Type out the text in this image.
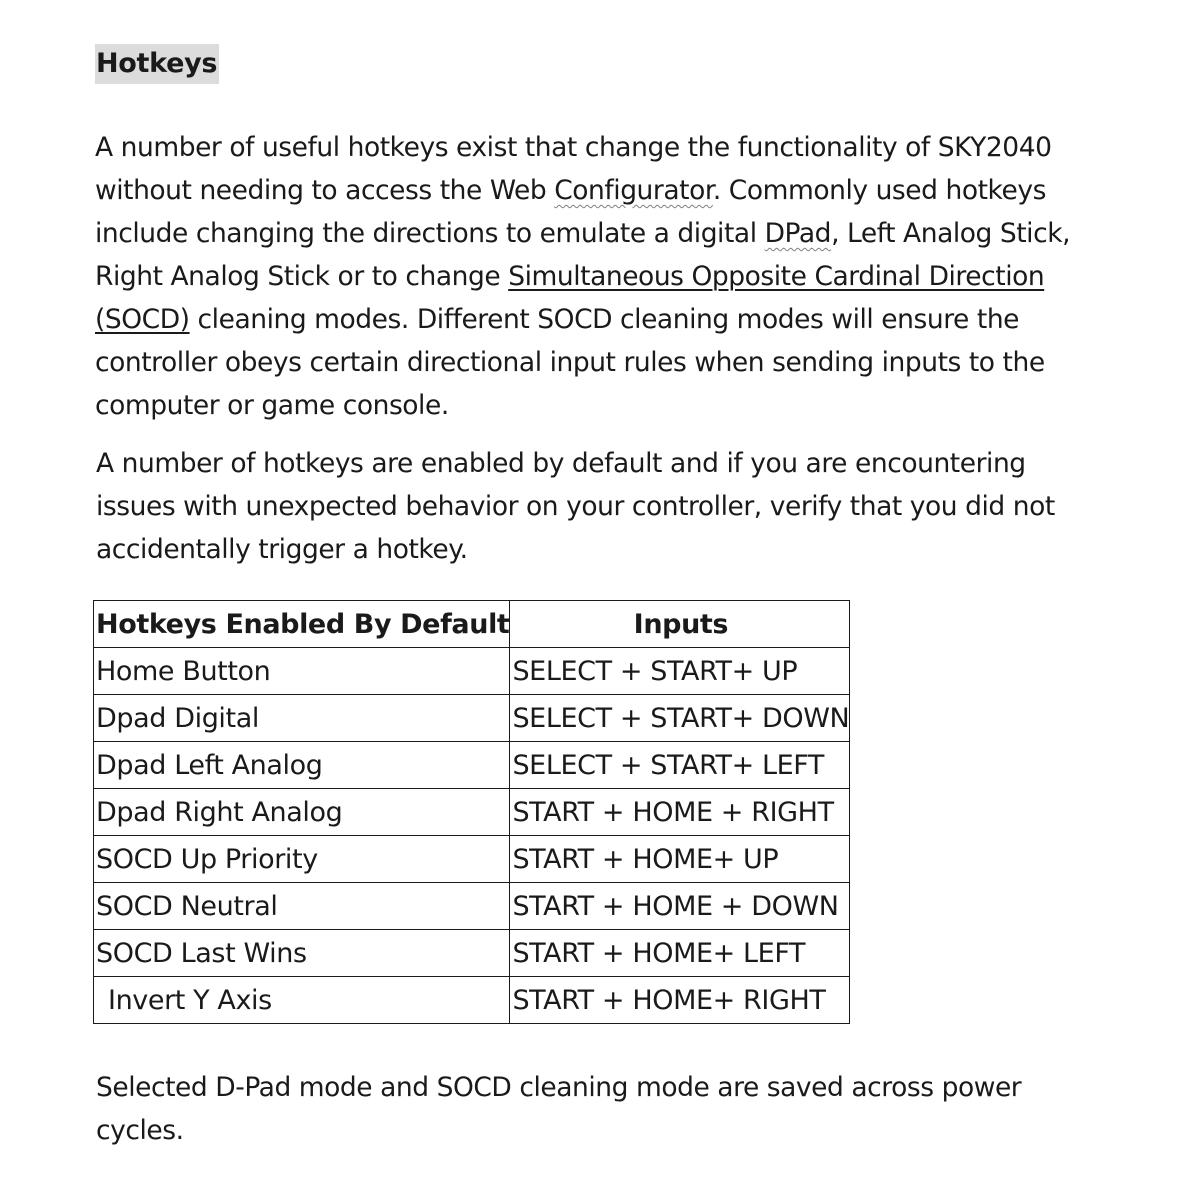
Hotkeys

A number of useful hotkeys exist that change the functionality of SKY2040 without needing to access the Web Configurator. Commonly used hotkeys include changing the directions to emulate a digital DPad, Left Analog Stick, Right Analog Stick or to change Simultaneous Opposite Cardinal Direction (SOCD) cleaning modes. Different SOCD cleaning modes will ensure the controller obeys certain directional input rules when sending inputs to the computer or game console.

A number of hotkeys are enabled by default and if you are encountering issues with unexpected behavior on your controller, verify that you did not accidentally trigger a hotkey.

Hotkeys Enabled By Default	Inputs
Home Button	SELECT + START+ UP
Dpad Digital	SELECT + START+ DOWN
Dpad Left Analog	SELECT + START+ LEFT
Dpad Right Analog	START + HOME + RIGHT
SOCD Up Priority	START + HOME+ UP
SOCD Neutral	START + HOME + DOWN
SOCD Last Wins	START + HOME+ LEFT
Invert Y Axis	START + HOME+ RIGHT

Selected D-Pad mode and SOCD cleaning mode are saved across power cycles.
